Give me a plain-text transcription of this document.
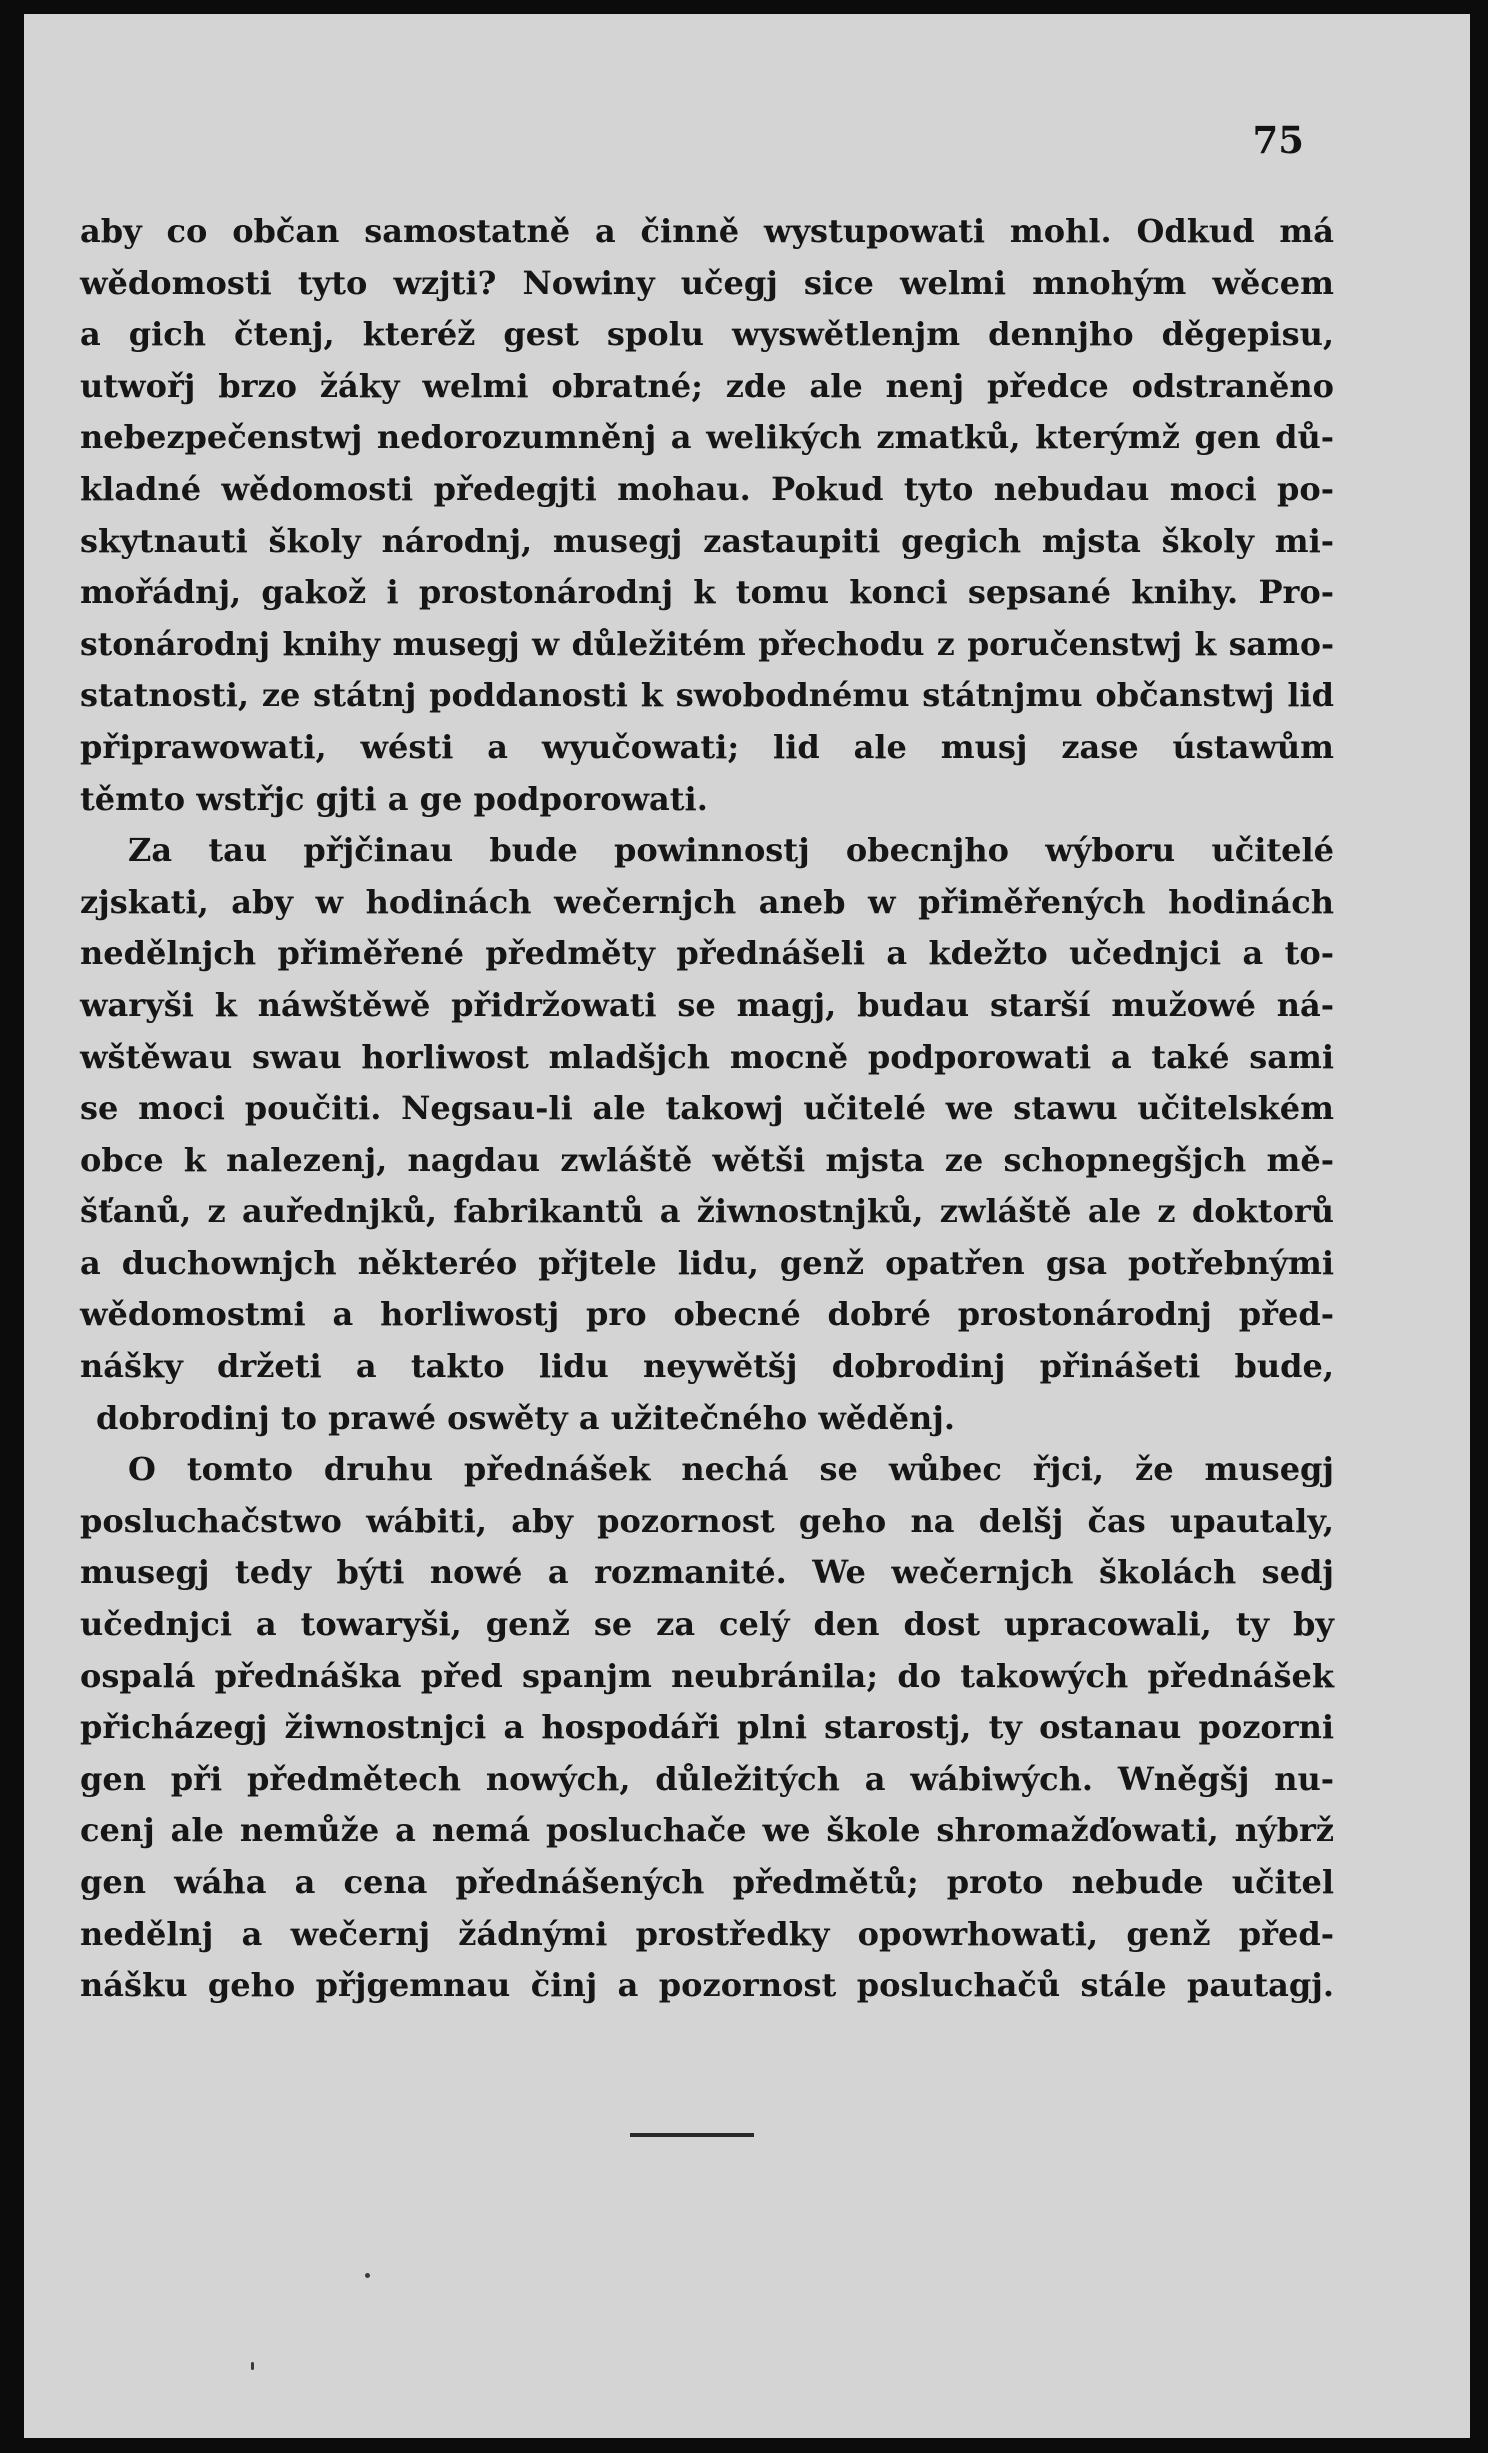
75
aby co občan samostatně a činně wystupowati mohl. Odkud má
wědomosti tyto wzjti? Nowiny učegj sice welmi mnohým wěcem
a gich čtenj, kteréž gest spolu wyswětlenjm dennjho děgepisu,
utwořj brzo žáky welmi obratné; zde ale nenj předce odstraněno
nebezpečenstwj nedorozumněnj a welikých zmatků, kterýmž gen dů-
kladné wědomosti předegjti mohau. Pokud tyto nebudau moci po-
skytnauti školy národnj, musegj zastaupiti gegich mjsta školy mi-
mořádnj, gakož i prostonárodnj k tomu konci sepsané knihy. Pro-
stonárodnj knihy musegj w důležitém přechodu z poručenstwj k samo-
statnosti, ze státnj poddanosti k swobodnému státnjmu občanstwj lid
připrawowati, wésti a wyučowati; lid ale musj zase ústawům
těmto wstřjc gjti a ge podporowati.
Za tau přjčinau bude powinnostj obecnjho wýboru učitelé
zjskati, aby w hodinách wečernjch aneb w přiměřených hodinách
nedělnjch přiměřené předměty přednášeli a kdežto učednjci a to-
waryši k náwštěwě přidržowati se magj, budau starší mužowé ná-
wštěwau swau horliwost mladšjch mocně podporowati a také sami
se moci poučiti. Negsau-li ale takowj učitelé we stawu učitelském
obce k nalezenj, nagdau zwláště wětši mjsta ze schopnegšjch mě-
šťanů, z auřednjků, fabrikantů a žiwnostnjků, zwláště ale z doktorů
a duchownjch některéo přjtele lidu, genž opatřen gsa potřebnými
wědomostmi a horliwostj pro obecné dobré prostonárodnj před-
nášky držeti a takto lidu neywětšj dobrodinj přinášeti bude,
dobrodinj to prawé oswěty a užitečného wěděnj.
O tomto druhu přednášek nechá se wůbec řjci, že musegj
posluchačstwo wábiti, aby pozornost geho na delšj čas upautaly,
musegj tedy býti nowé a rozmanité. We wečernjch školách sedj
učednjci a towaryši, genž se za celý den dost upracowali, ty by
ospalá přednáška před spanjm neubránila; do takowých přednášek
přicházegj žiwnostnjci a hospodáři plni starostj, ty ostanau pozorni
gen při předmětech nowých, důležitých a wábiwých. Wněgšj nu-
cenj ale nemůže a nemá posluchače we škole shromažďowati, nýbrž
gen wáha a cena přednášených předmětů; proto nebude učitel
nedělnj a wečernj žádnými prostředky opowrhowati, genž před-
nášku geho přjgemnau činj a pozornost posluchačů stále pautagj.
